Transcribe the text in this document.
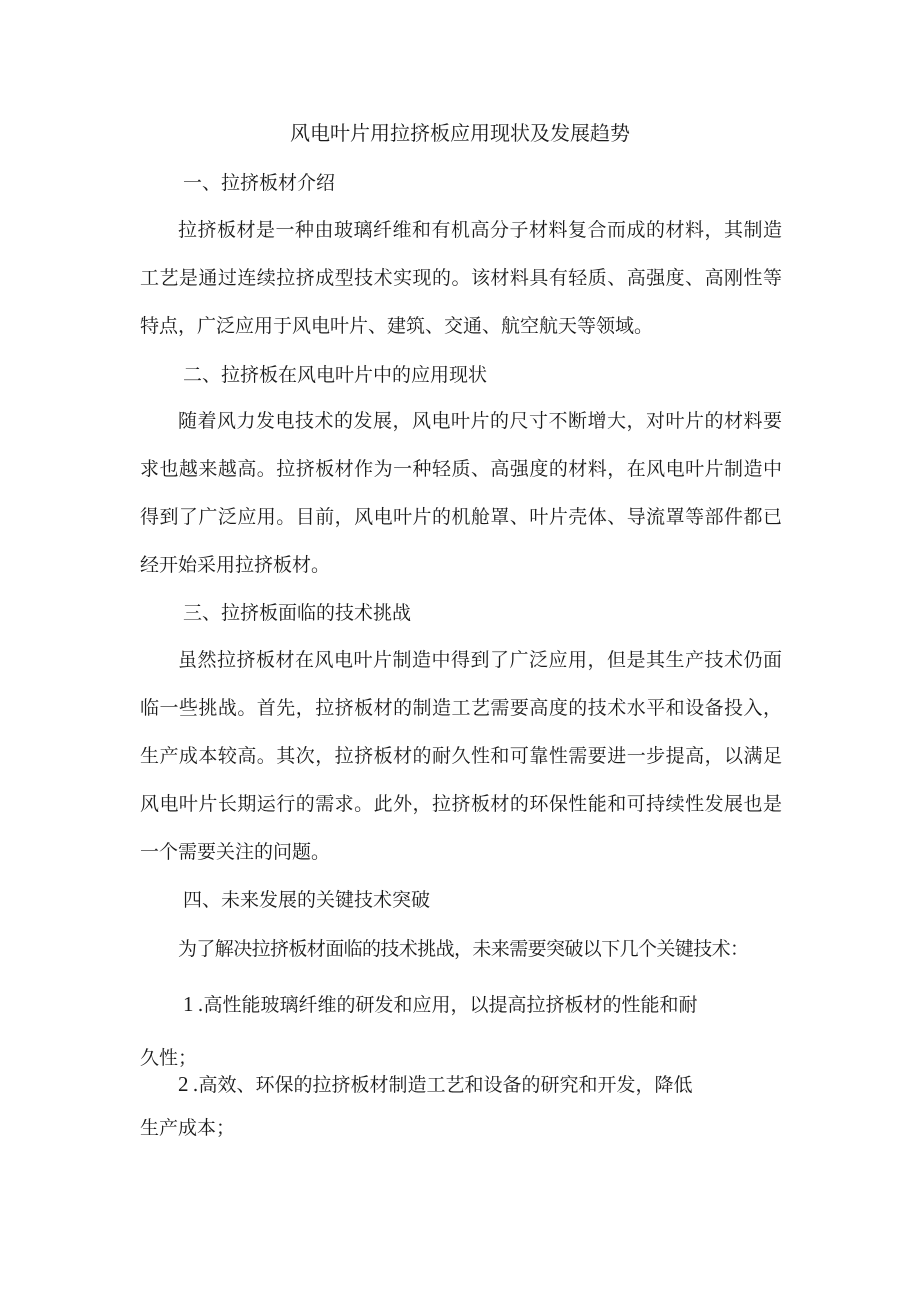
风电叶片用拉挤板应用现状及发展趋势
一、拉挤板材介绍
拉挤板材是一种由玻璃纤维和有机高分子材料复合而成的材料，其制造工艺是通过连续拉挤成型技术实现的。该材料具有轻质、高强度、高刚性等特点，广泛应用于风电叶片、建筑、交通、航空航天等领域。
二、拉挤板在风电叶片中的应用现状
随着风力发电技术的发展，风电叶片的尺寸不断增大，对叶片的材料要求也越来越高。拉挤板材作为一种轻质、高强度的材料，在风电叶片制造中得到了广泛应用。目前，风电叶片的机舱罩、叶片壳体、导流罩等部件都已经开始采用拉挤板材。
三、拉挤板面临的技术挑战
虽然拉挤板材在风电叶片制造中得到了广泛应用，但是其生产技术仍面临一些挑战。首先，拉挤板材的制造工艺需要高度的技术水平和设备投入，生产成本较高。其次，拉挤板材的耐久性和可靠性需要进一步提高，以满足风电叶片长期运行的需求。此外，拉挤板材的环保性能和可持续性发展也是一个需要关注的问题。
四、未来发展的关键技术突破
为了解决拉挤板材面临的技术挑战，未来需要突破以下几个关键技术：
1 .高性能玻璃纤维的研发和应用，以提高拉挤板材的性能和耐
久性；
2 .高效、环保的拉挤板材制造工艺和设备的研究和开发，降低
生产成本；
